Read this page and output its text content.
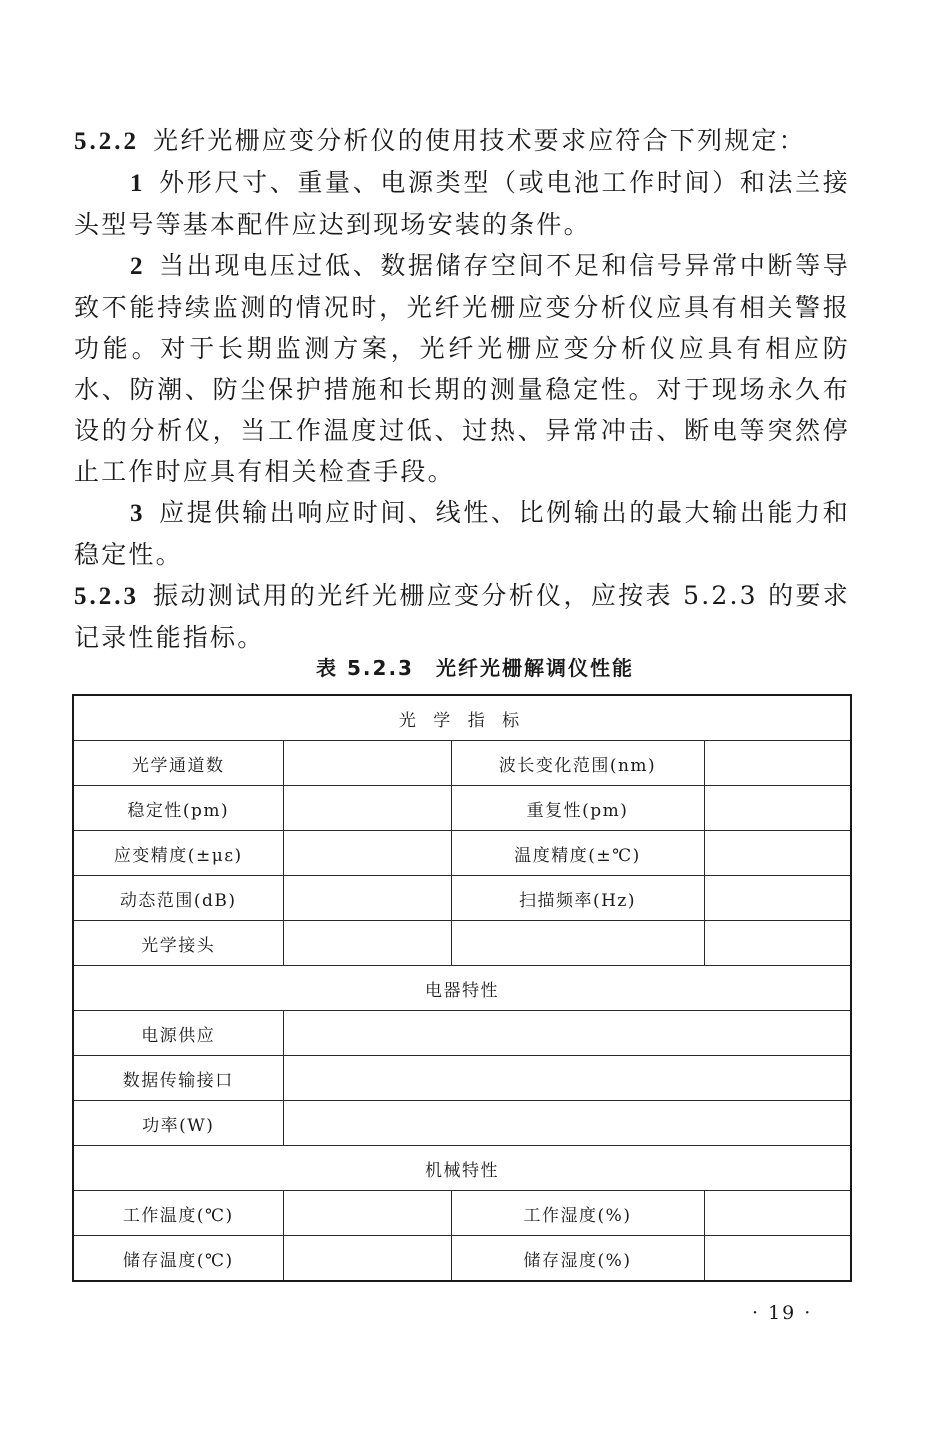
5.2.2 光纤光栅应变分析仪的使用技术要求应符合下列规定：

1 外形尺寸、重量、电源类型（或电池工作时间）和法兰接头型号等基本配件应达到现场安装的条件。

2 当出现电压过低、数据储存空间不足和信号异常中断等导致不能持续监测的情况时，光纤光栅应变分析仪应具有相关警报功能。对于长期监测方案，光纤光栅应变分析仪应具有相应防水、防潮、防尘保护措施和长期的测量稳定性。对于现场永久布设的分析仪，当工作温度过低、过热、异常冲击、断电等突然停止工作时应具有相关检查手段。

3 应提供输出响应时间、线性、比例输出的最大输出能力和稳定性。

5.2.3 振动测试用的光纤光栅应变分析仪，应按表 5.2.3 的要求记录性能指标。

表 5.2.3 光纤光栅解调仪性能
光 学 指 标			
光学通道数		波长变化范围(nm)	
稳定性(pm)		重复性(pm)	
应变精度(±με)		温度精度(±℃)	
动态范围(dB)		扫描频率(Hz)	
光学接头			
电器特性			
电源供应			
数据传输接口			
功率(W)			
机械特性			
工作温度(℃)		工作湿度(%)	
储存温度(℃)		储存湿度(%)	
· 19 ·
